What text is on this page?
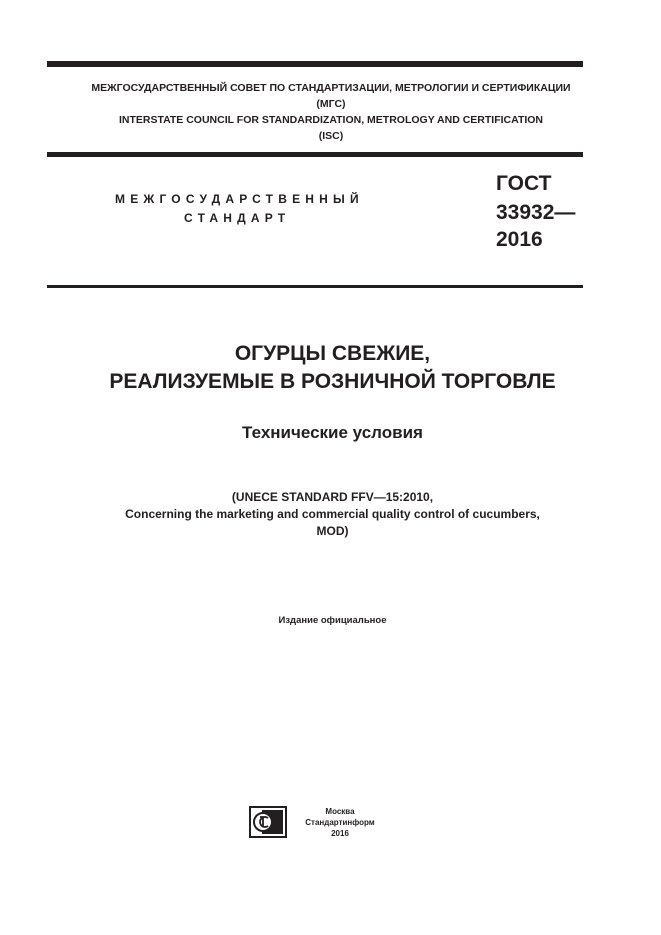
МЕЖГОСУДАРСТВЕННЫЙ СОВЕТ ПО СТАНДАРТИЗАЦИИ, МЕТРОЛОГИИ И СЕРТИФИКАЦИИ
(МГС)
INTERSTATE COUNCIL FOR STANDARDIZATION, METROLOGY AND CERTIFICATION
(ISC)
МЕЖГОСУДАРСТВЕННЫЙ
СТАНДАРТ
ГОСТ
33932—
2016
ОГУРЦЫ СВЕЖИЕ,
РЕАЛИЗУЕМЫЕ В РОЗНИЧНОЙ ТОРГОВЛЕ
Технические условия
(UNECE STANDARD FFV—15:2010,
Concerning the marketing and commercial quality control of cucumbers,
MOD)
Издание официальное
Москва
Стандартинформ
2016
